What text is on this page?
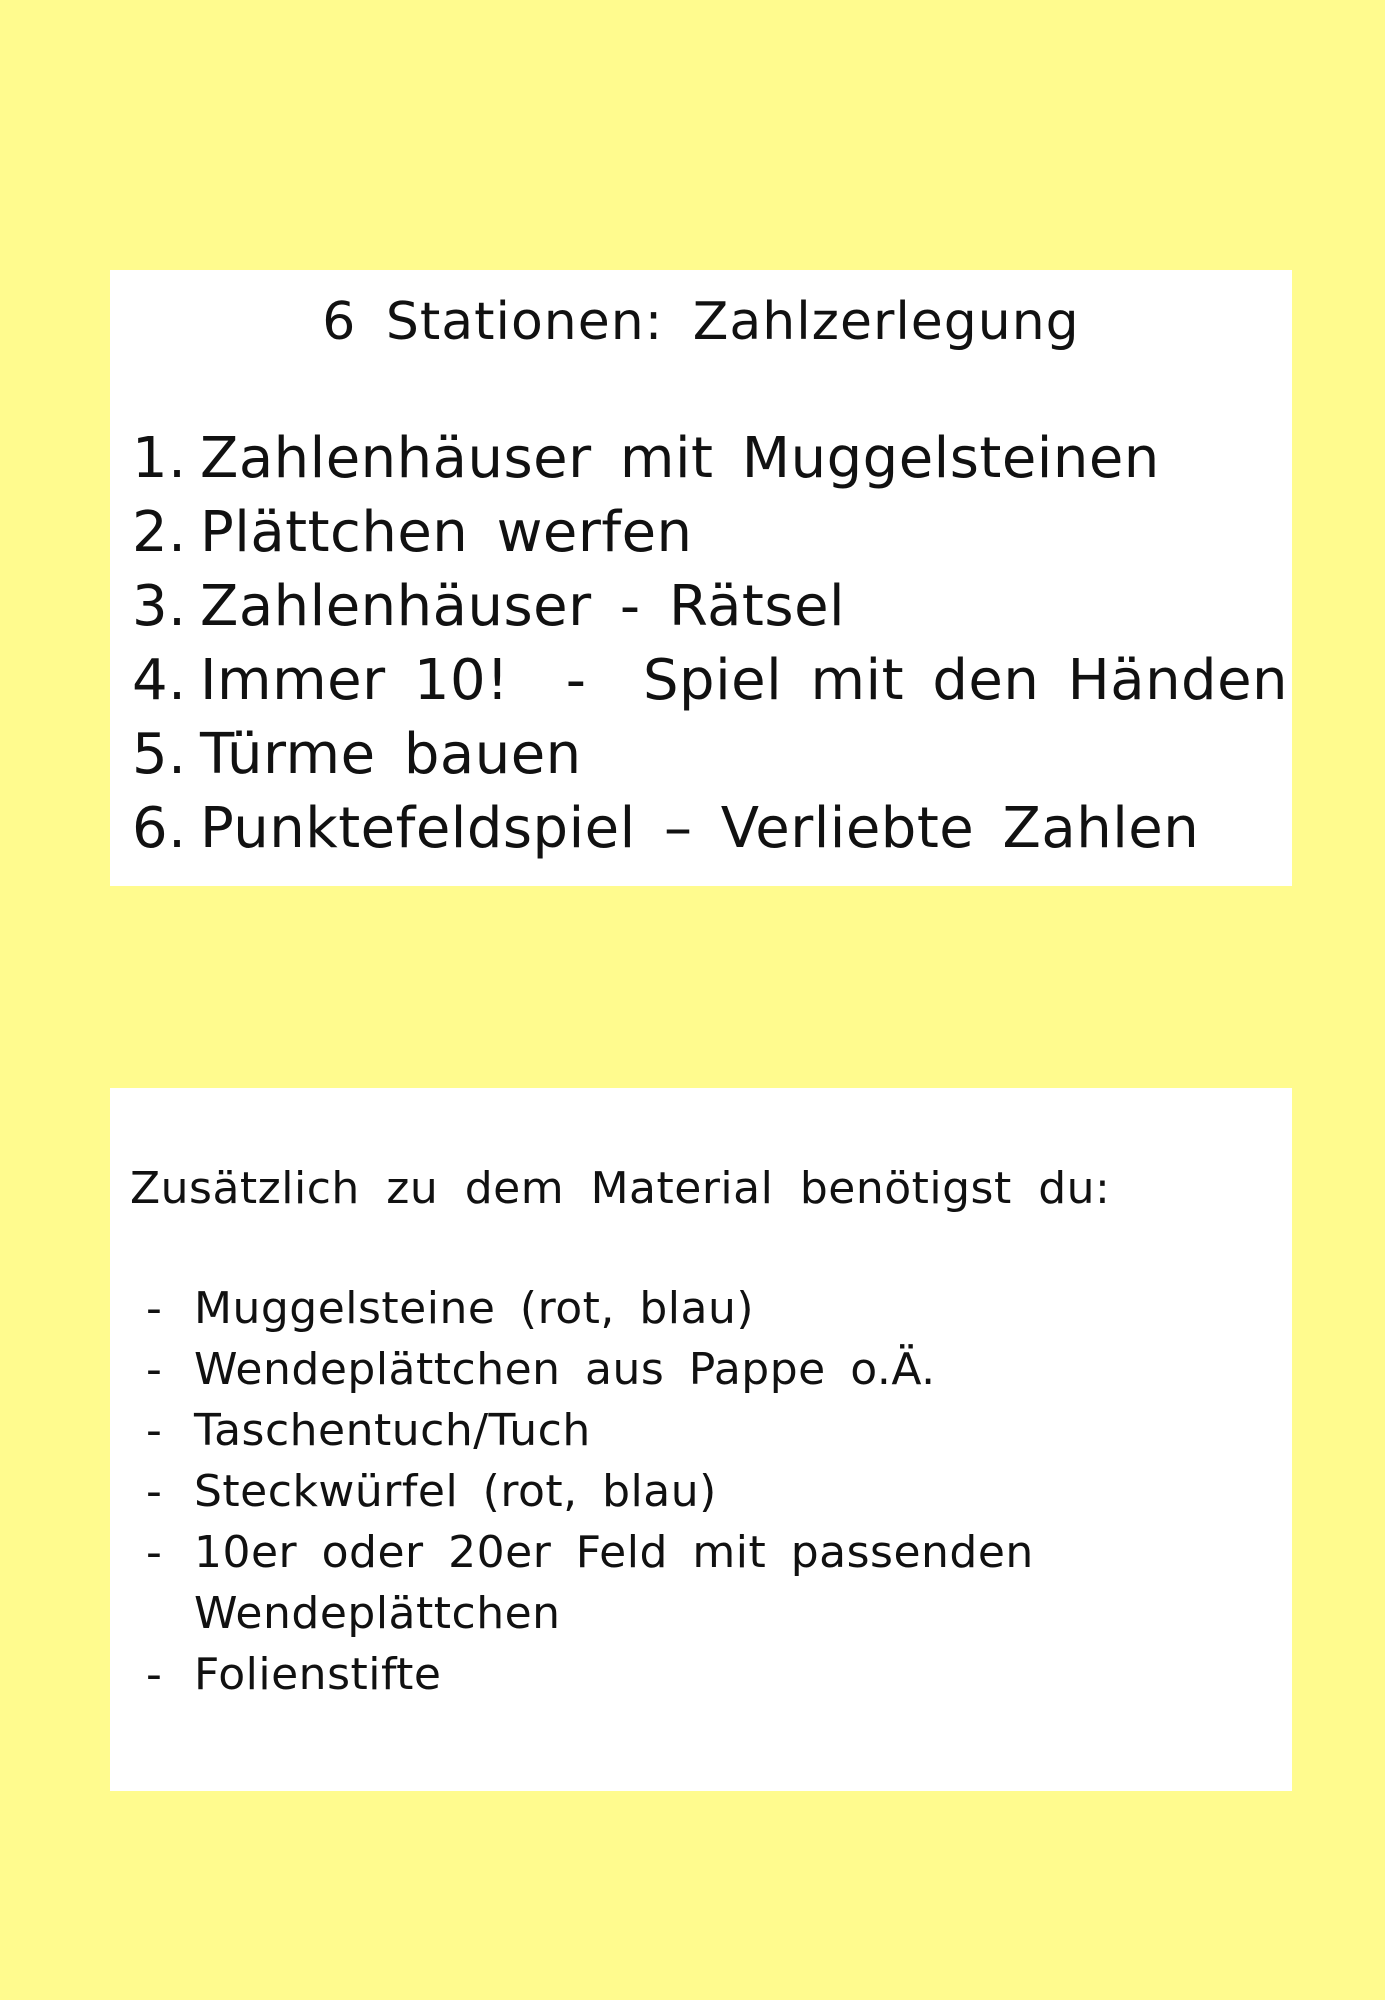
6 Stationen: Zahlzerlegung
1. Zahlenhäuser mit Muggelsteinen
2. Plättchen werfen
3. Zahlenhäuser - Rätsel
4. Immer 10!  -  Spiel mit den Händen
5. Türme bauen
6. Punktefeldspiel – Verliebte Zahlen
Zusätzlich zu dem Material benötigst du:
- Muggelsteine (rot, blau)
- Wendeplättchen aus Pappe o.Ä.
- Taschentuch/Tuch
- Steckwürfel (rot, blau)
- 10er oder 20er Feld mit passenden
Wendeplättchen
- Folienstifte
